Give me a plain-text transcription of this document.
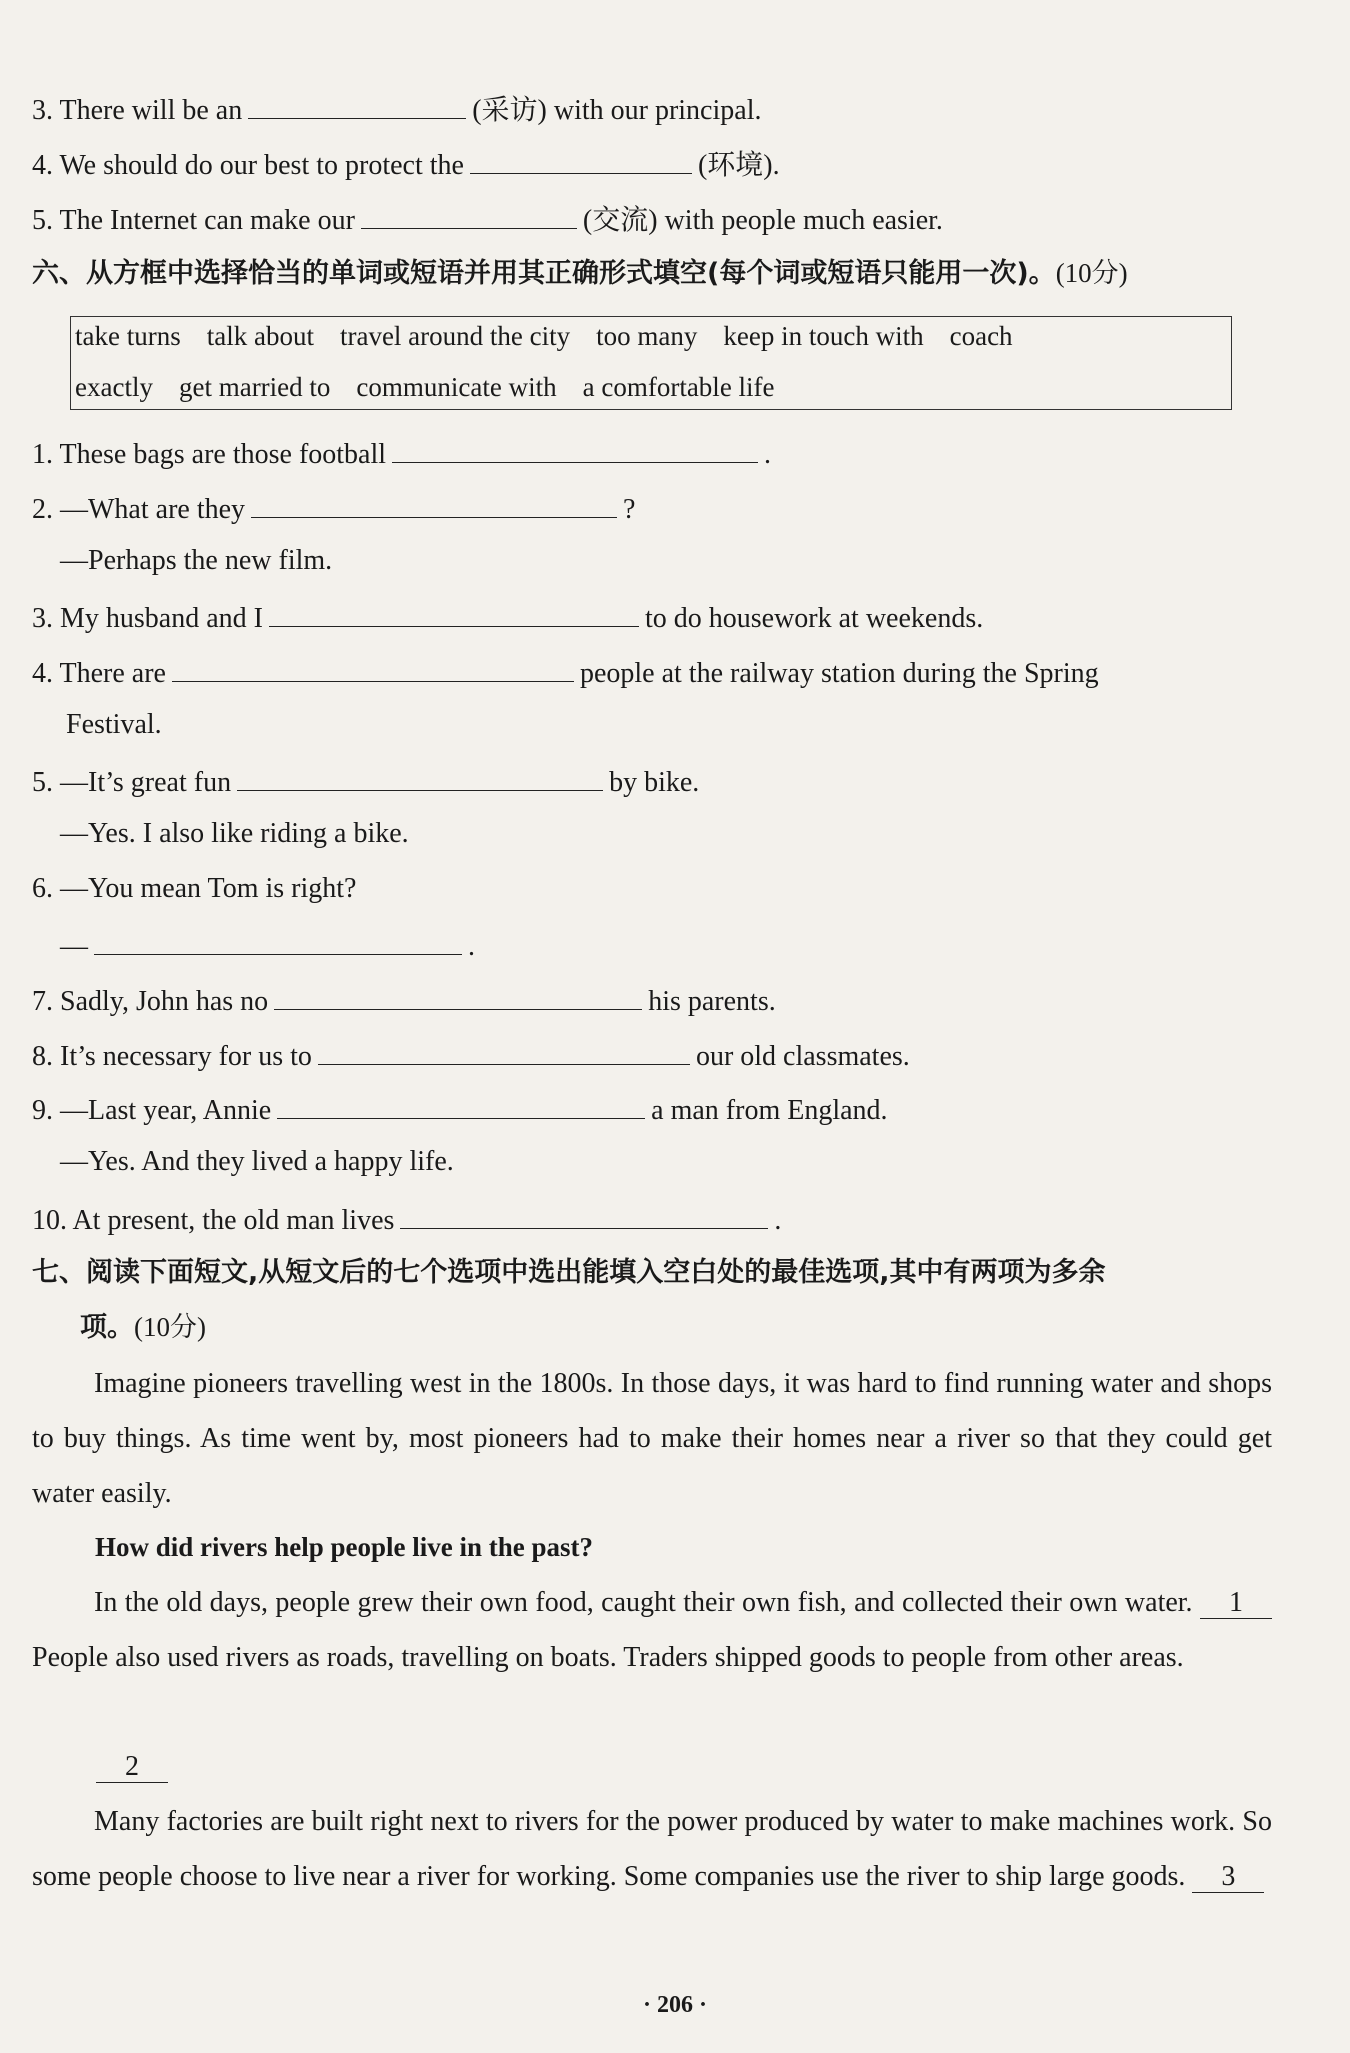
3. There will be an	(采访) with our principal.
4. We should do our best to protect the	(环境).
5. The Internet can make our	(交流) with people much easier.
六、从方框中选择恰当的单词或短语并用其正确形式填空(每个词或短语只能用一次)。(10分)
take turns talk about travel around the city too many keep in touch with coach
exactly get married to communicate with a comfortable life
1. These bags are those football	.
2. —What are they	?
—Perhaps the new film.
3. My husband and I	to do housework at weekends.
4. There are	people at the railway station during the Spring
Festival.
5. —It’s great fun	by bike.
—Yes. I also like riding a bike.
6. —You mean Tom is right?
—	.
7. Sadly, John has no	his parents.
8. It’s necessary for us to	our old classmates.
9. —Last year, Annie	a man from England.
—Yes. And they lived a happy life.
10. At present, the old man lives	.
七、阅读下面短文,从短文后的七个选项中选出能填入空白处的最佳选项,其中有两项为多余
项。(10分)
Imagine pioneers travelling west in the 1800s. In those days, it was hard to find running water and shops to buy things. As time went by, most pioneers had to make their homes near a river so that they could get water easily.
How did rivers help people live in the past?
In the old days, people grew their own food, caught their own fish, and collected their own water. 1 People also used rivers as roads, travelling on boats. Traders shipped goods to people from other areas.
2
Many factories are built right next to rivers for the power produced by water to make machines work. So some people choose to live near a river for working. Some companies use the river to ship large goods. 3
· 206 ·
